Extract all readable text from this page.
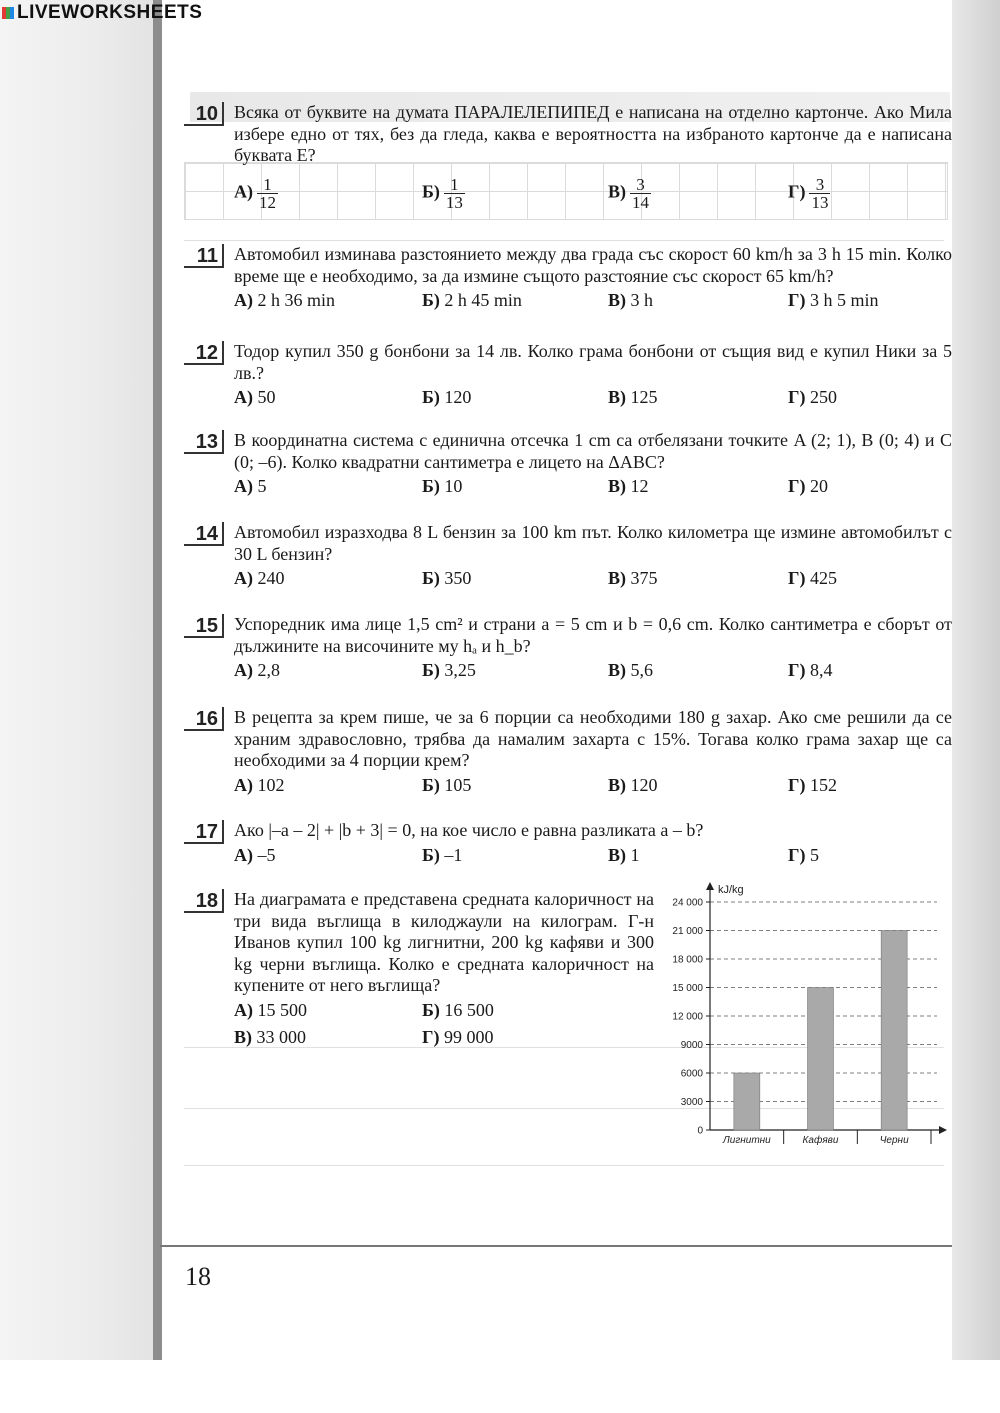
LIVEWORKSHEETS
10 Всяка от буквите на думата ПАРАЛЕЛЕПИПЕД е написана на отделно картонче. Ако Мила избере едно от тях, без да гледа, каква е вероятността на избраното картонче да е написана буквата Е?
$А) \frac{1}{12}$	$Б) \frac{1}{13}$	$В) \frac{3}{14}$	$Г) \frac{3}{13}$
11 Автомобил изминава разстоянието между два града със скорост 60 km/h за 3 h 15 min. Колко време ще е необходимо, за да измине същото разстояние със скорост 65 km/h?
А) 2 h 36 min	Б) 2 h 45 min	В) 3 h	Г) 3 h 5 min
12 Тодор купил 350 g бонбони за 14 лв. Колко грама бонбони от същия вид е купил Ники за 5 лв.?
А) 50	Б) 120	В) 125	Г) 250
13 В координатна система с единична отсечка 1 cm са отбелязани точките A (2; 1), B (0; 4) и C (0; –6). Колко квадратни сантиметра е лицето на ΔABC?
А) 5	Б) 10	В) 12	Г) 20
14 Автомобил изразходва 8 L бензин за 100 km път. Колко километра ще измине автомобилът с 30 L бензин?
А) 240	Б) 350	В) 375	Г) 425
15 Успоредник има лице 1,5 cm² и страни a = 5 cm и b = 0,6 cm. Колко сантиметра е сборът от дължините на височините му hₐ и h_b?
А) 2,8	Б) 3,25	В) 5,6	Г) 8,4
16 В рецепта за крем пише, че за 6 порции са необходими 180 g захар. Ако сме решили да се храним здравословно, трябва да намалим захарта с 15%. Тогава колко грама захар ще са необходими за 4 порции крем?
А) 102	Б) 105	В) 120	Г) 152
17 Ако |–a – 2| + |b + 3| = 0, на кое число е равна разликата a – b?
А) –5	Б) –1	В) 1	Г) 5
18 На диаграмата е представена средната калоричност на три вида въглища в килоджаули на килограм. Г-н Иванов купил 100 kg лигнитни, 200 kg кафяви и 300 kg черни въглища. Колко е средната калоричност на купените от него въглища?
А) 15 500	Б) 16 500
В) 33 000	Г) 99 000
0
3000
6000
9000
12 000
15 000
18 000
21 000
24 000
kJ/kg
Лигнитни	Кафяви	Черни
18
